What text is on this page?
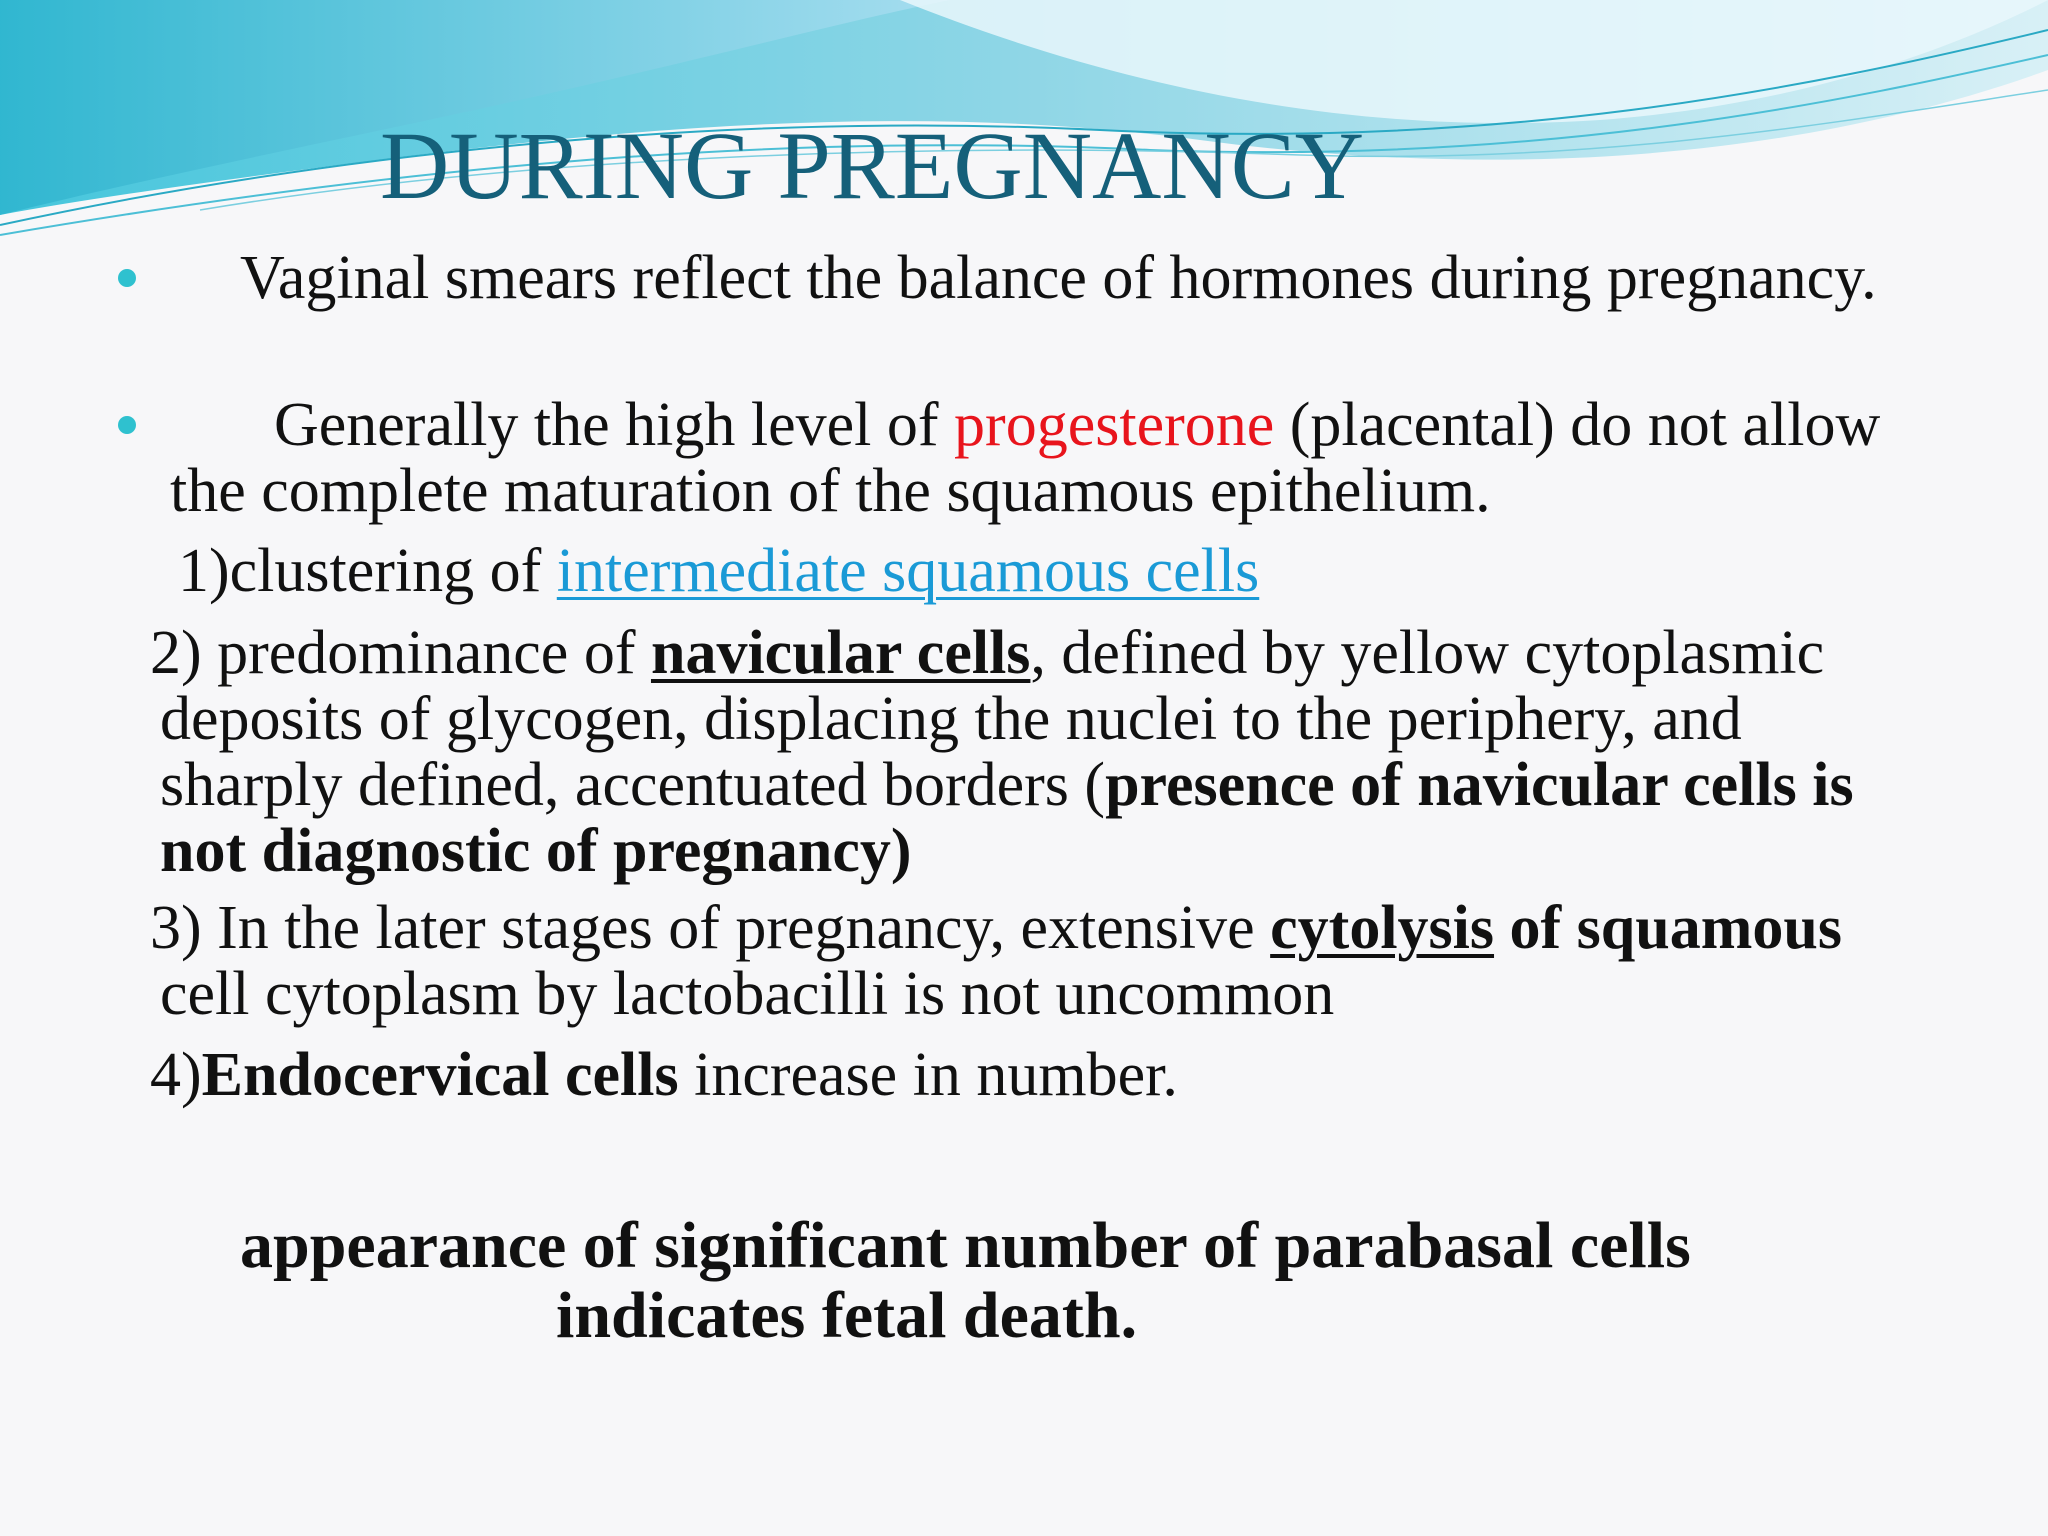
DURING PREGNANCY
Vaginal smears reflect the balance of hormones during pregnancy.
Generally the high level of progesterone (placental) do not allow the complete maturation of the squamous epithelium.
1)clustering of intermediate squamous cells
2) predominance of navicular cells, defined by yellow cytoplasmic deposits of glycogen, displacing the nuclei to the periphery, and sharply defined, accentuated borders (presence of navicular cells is not diagnostic of pregnancy)
3) In the later stages of pregnancy, extensive cytolysis of squamous cell cytoplasm by lactobacilli is not uncommon
4)Endocervical cells increase in number.
appearance of significant number of parabasal cells
indicates fetal death.
